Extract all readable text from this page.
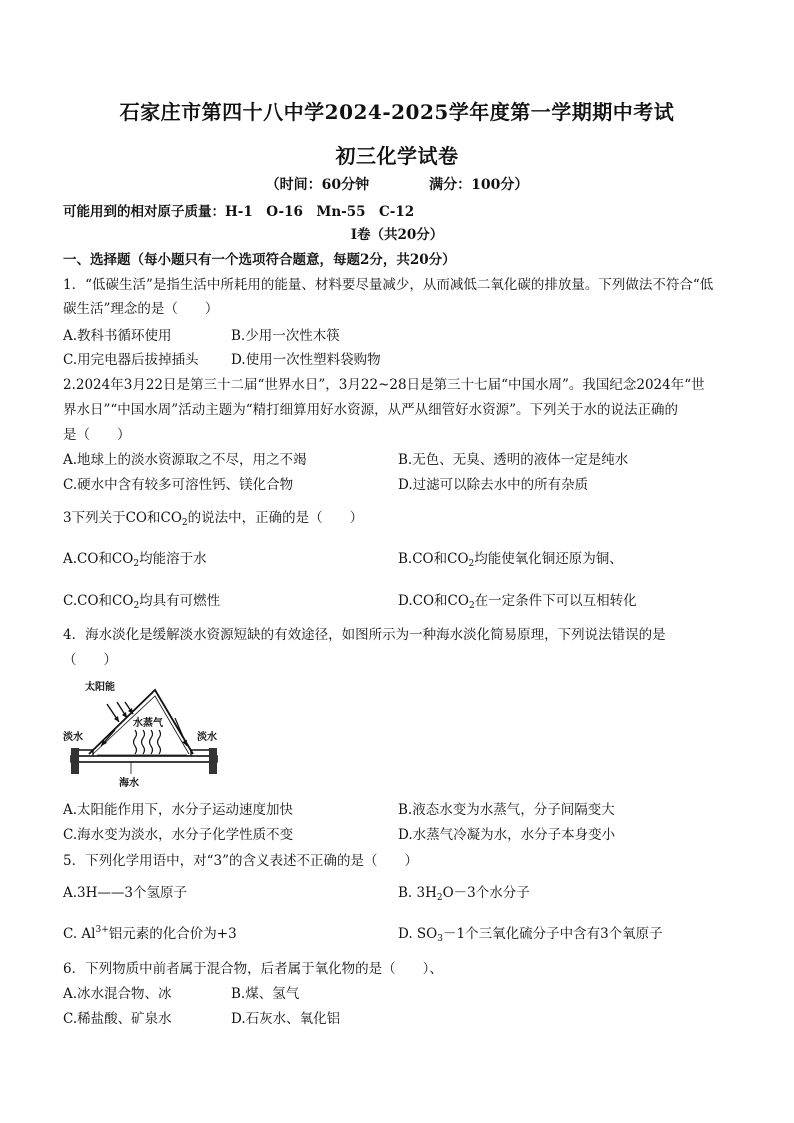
石家庄市第四十八中学2024-2025学年度第一学期期中考试
初三化学试卷
（时间：60分钟	满分：100分）
可能用到的相对原子质量：H-1　O-16　Mn-55　C-12
Ⅰ卷（共20分）
一、选择题（每小题只有一个选项符合题意，每题2分，共20分）
1．“低碳生活”是指生活中所耗用的能量、材料要尽量减少，从而减低二氧化碳的排放量。下列做法不符合“低
碳生活”理念的是（　　）
A.教科书循环使用	B.少用一次性木筷
C.用完电器后拔掉插头 D.使用一次性塑料袋购物
2.2024年3月22日是第三十二届“世界水日”，3月22~28日是第三十七届“中国水周”。我国纪念2024年“世
界水日”“中国水周”活动主题为“精打细算用好水资源，从严从细管好水资源”。下列关于水的说法正确的
是（　　）
A.地球上的淡水资源取之不尽，用之不竭	B.无色、无臭、透明的液体一定是纯水
C.硬水中含有较多可溶性钙、镁化合物	D.过滤可以除去水中的所有杂质
3下列关于CO和$CO_2$的说法中，正确的是（　　）
A.CO和$CO_2$均能溶于水	B.CO和$CO_2$均能使氧化铜还原为铜、
C.CO和$CO_2$均具有可燃性	D.CO和$CO_2$在一定条件下可以互相转化
4．海水淡化是缓解淡水资源短缺的有效途径，如图所示为一种海水淡化简易原理，下列说法错误的是
（　　）
太阳能
水蒸气
淡水	淡水
海水
A.太阳能作用下，水分子运动速度加快	B.液态水变为水蒸气，分子间隔变大
C.海水变为淡水，水分子化学性质不变	D.水蒸气冷凝为水，水分子本身变小
5．下列化学用语中，对“3”的含义表述不正确的是（　　）
A.3H——3个氢原子	B. $3H_2O-3$个水分子
C. $Al^{3+}$铝元素的化合价为+3	D. $SO_3-1$个三氧化硫分子中含有3个氧原子
6．下列物质中前者属于混合物，后者属于氧化物的是（　　）、
A.冰水混合物、冰	B.煤、氢气
C.稀盐酸、矿泉水	D.石灰水、氧化铝
